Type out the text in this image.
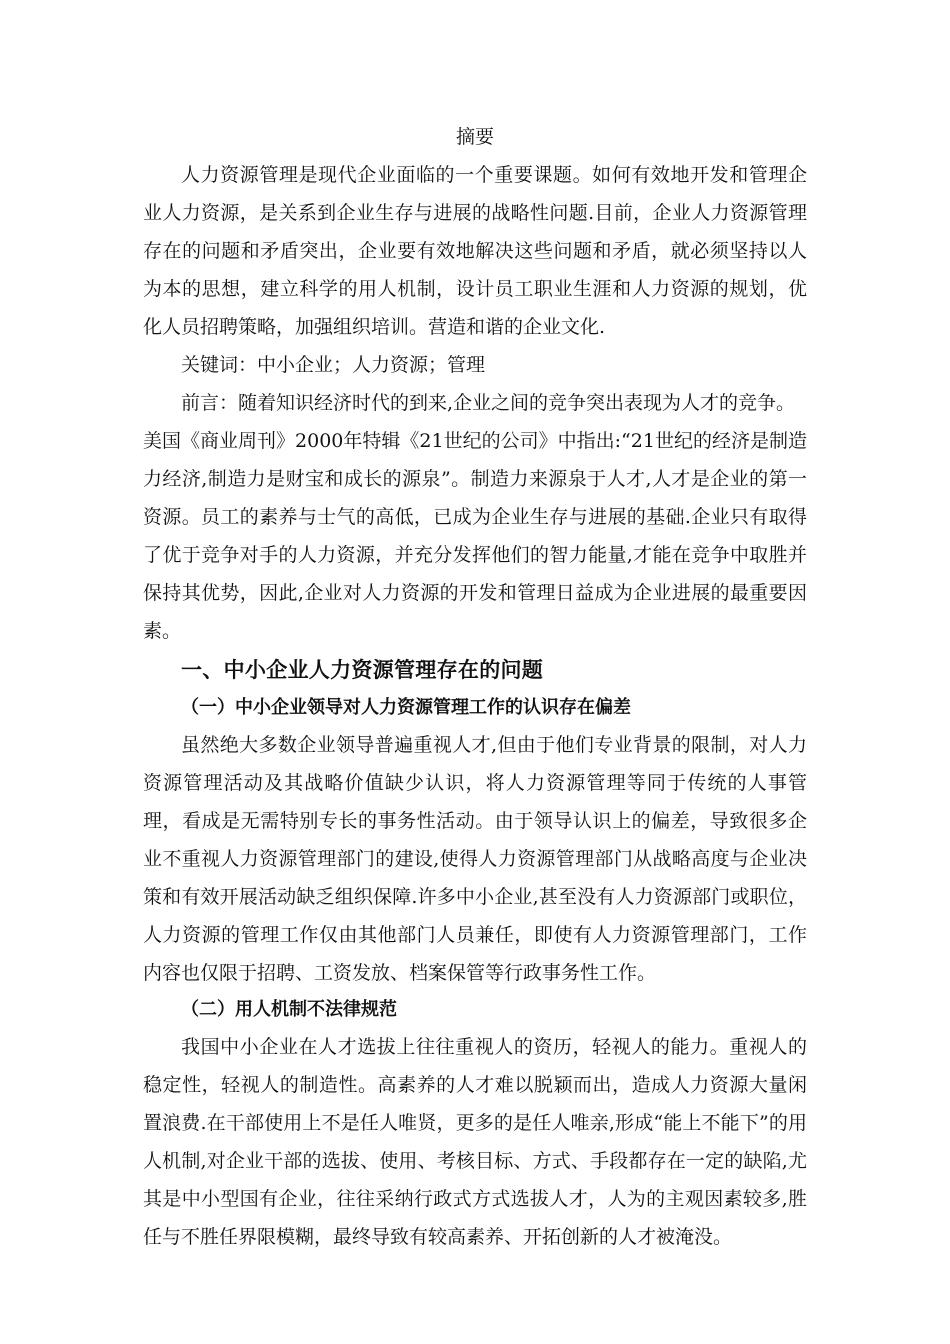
摘要

人力资源管理是现代企业面临的一个重要课题。如何有效地开发和管理企业人力资源，是关系到企业生存与进展的战略性问题.目前，企业人力资源管理存在的问题和矛盾突出，企业要有效地解决这些问题和矛盾，就必须坚持以人为本的思想，建立科学的用人机制，设计员工职业生涯和人力资源的规划，优化人员招聘策略，加强组织培训。营造和谐的企业文化.

关键词：中小企业；人力资源；管理

前言：随着知识经济时代的到来,企业之间的竞争突出表现为人才的竞争。

美国《商业周刊》2000年特辑《21世纪的公司》中指出:“21世纪的经济是制造力经济,制造力是财宝和成长的源泉”。制造力来源泉于人才,人才是企业的第一资源。员工的素养与士气的高低，已成为企业生存与进展的基础.企业只有取得了优于竞争对手的人力资源，并充分发挥他们的智力能量,才能在竞争中取胜并保持其优势，因此,企业对人力资源的开发和管理日益成为企业进展的最重要因素。

一、中小企业人力资源管理存在的问题
（一）中小企业领导对人力资源管理工作的认识存在偏差

虽然绝大多数企业领导普遍重视人才,但由于他们专业背景的限制，对人力资源管理活动及其战略价值缺少认识，将人力资源管理等同于传统的人事管理，看成是无需特别专长的事务性活动。由于领导认识上的偏差，导致很多企业不重视人力资源管理部门的建设,使得人力资源管理部门从战略高度与企业决策和有效开展活动缺乏组织保障.许多中小企业,甚至没有人力资源部门或职位，人力资源的管理工作仅由其他部门人员兼任，即使有人力资源管理部门，工作内容也仅限于招聘、工资发放、档案保管等行政事务性工作。

（二）用人机制不法律规范

我国中小企业在人才选拔上往往重视人的资历，轻视人的能力。重视人的稳定性，轻视人的制造性。高素养的人才难以脱颖而出，造成人力资源大量闲置浪费.在干部使用上不是任人唯贤，更多的是任人唯亲,形成“能上不能下”的用人机制,对企业干部的选拔、使用、考核目标、方式、手段都存在一定的缺陷,尤其是中小型国有企业，往往采纳行政式方式选拔人才，人为的主观因素较多,胜任与不胜任界限模糊，最终导致有较高素养、开拓创新的人才被淹没。
